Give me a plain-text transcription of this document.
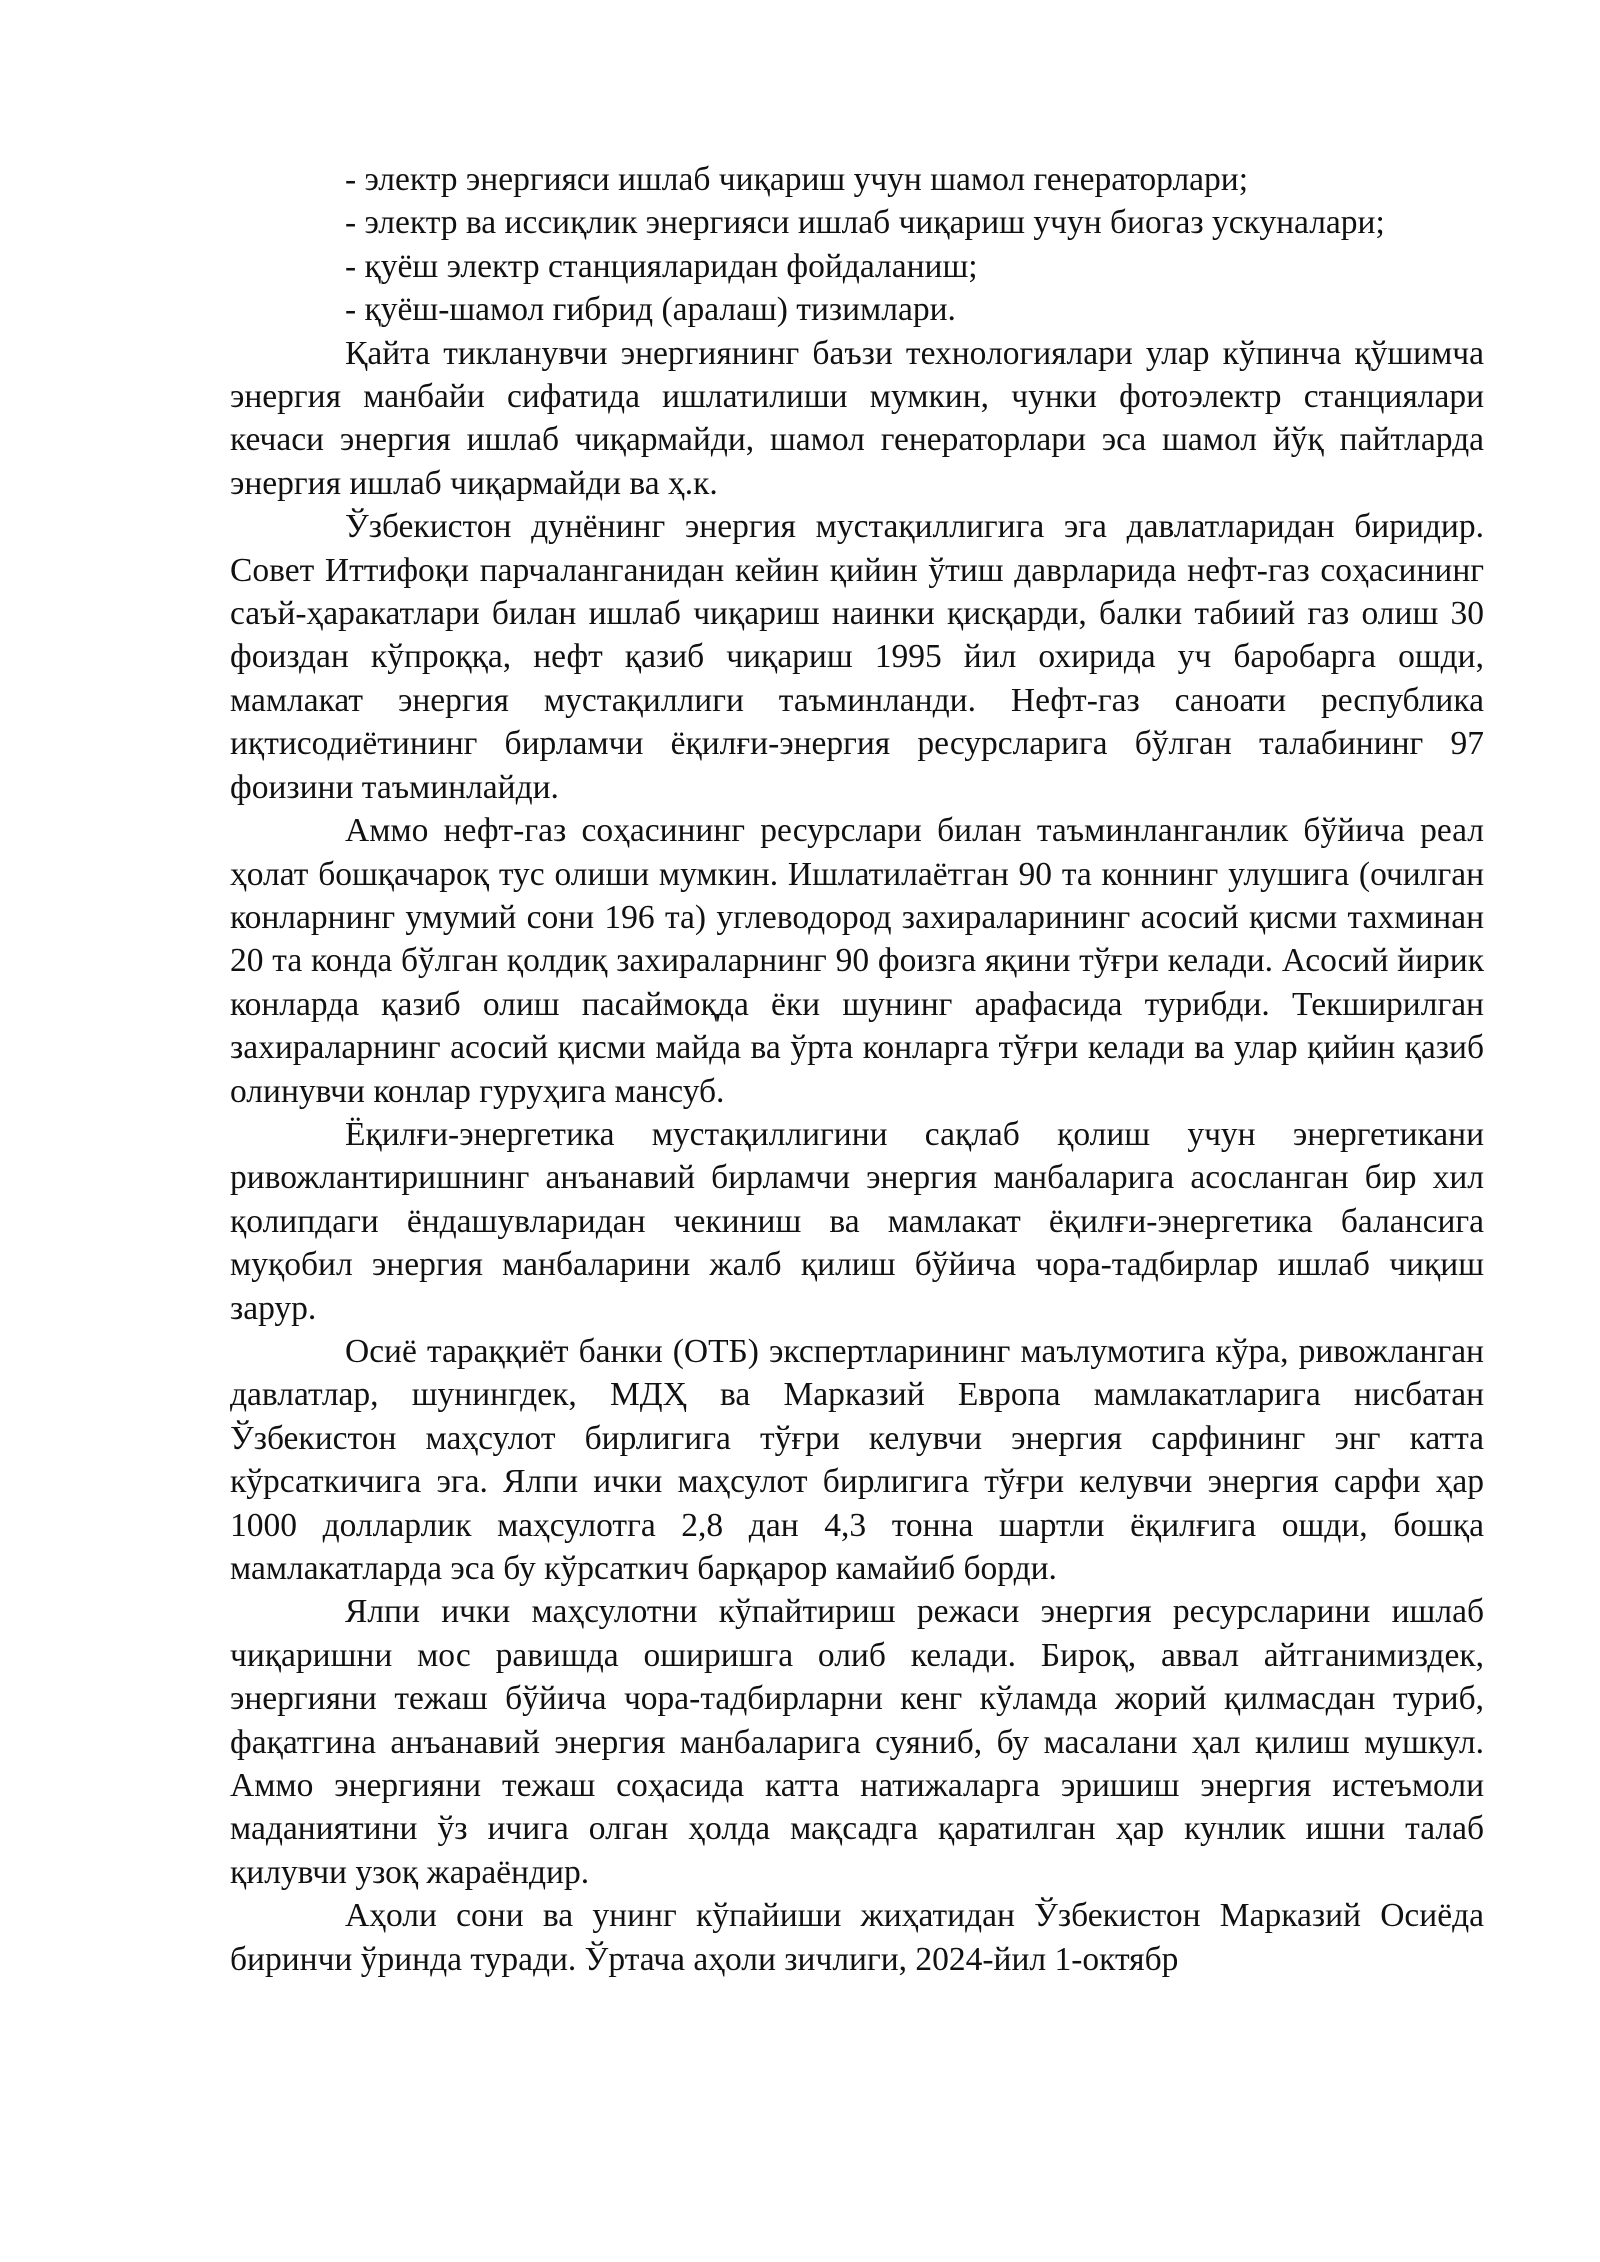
- электр энергияси ишлаб чиқариш учун шамол генераторлари;

- электр ва иссиқлик энергияси ишлаб чиқариш учун биогаз ускуналари;

- қуёш электр станцияларидан фойдаланиш;

- қуёш-шамол гибрид (аралаш) тизимлари.

Қайта тикланувчи энергиянинг баъзи технологиялари улар кўпинча қўшимча энергия манбайи сифатида ишлатилиши мумкин, чунки фотоэлектр станциялари кечаси энергия ишлаб чиқармайди, шамол генераторлари эса шамол йўқ пайтларда энергия ишлаб чиқармайди ва ҳ.к.

Ўзбекистон дунёнинг энергия мустақиллигига эга давлатларидан биридир. Совет Иттифоқи парчаланганидан кейин қийин ўтиш даврларида нефт-газ соҳасининг саъй-ҳаракатлари билан ишлаб чиқариш наинки қисқарди, балки табиий газ олиш 30 фоиздан кўпроққа, нефт қазиб чиқариш 1995 йил охирида уч баробарга ошди, мамлакат энергия мустақиллиги таъминланди. Нефт-газ саноати республика иқтисодиётининг бирламчи ёқилғи-энергия ресурсларига бўлган талабининг 97 фоизини таъминлайди.

Аммо нефт-газ соҳасининг ресурслари билан таъминланганлик бўйича реал ҳолат бошқачароқ тус олиши мумкин. Ишлатилаётган 90 та коннинг улушига (очилган конларнинг умумий сони 196 та) углеводород захираларининг асосий қисми тахминан 20 та конда бўлган қолдиқ захираларнинг 90 фоизга яқини тўғри келади. Асосий йирик конларда қазиб олиш пасаймоқда ёки шунинг арафасида турибди. Текширилган захираларнинг асосий қисми майда ва ўрта конларга тўғри келади ва улар қийин қазиб олинувчи конлар гуруҳига мансуб.

Ёқилғи-энергетика мустақиллигини сақлаб қолиш учун энергетикани ривожлантиришнинг анъанавий бирламчи энергия манбаларига асосланган бир хил қолипдаги ёндашувларидан чекиниш ва мамлакат ёқилғи-энергетика балансига муқобил энергия манбаларини жалб қилиш бўйича чора-тадбирлар ишлаб чиқиш зарур.

Осиё тараққиёт банки (ОТБ) экспертларининг маълумотига кўра, ривожланган давлатлар, шунингдек, МДҲ ва Марказий Европа мамлакатларига нисбатан Ўзбекистон маҳсулот бирлигига тўғри келувчи энергия сарфининг энг катта кўрсаткичига эга. Ялпи ички маҳсулот бирлигига тўғри келувчи энергия сарфи ҳар 1000 долларлик маҳсулотга 2,8 дан 4,3 тонна шартли ёқилғига ошди, бошқа мамлакатларда эса бу кўрсаткич барқарор камайиб борди.

Ялпи ички маҳсулотни кўпайтириш режаси энергия ресурсларини ишлаб чиқаришни мос равишда оширишга олиб келади. Бироқ, аввал айтганимиздек, энергияни тежаш бўйича чора-тадбирларни кенг кўламда жорий қилмасдан туриб, фақатгина анъанавий энергия манбаларига суяниб, бу масалани ҳал қилиш мушкул. Аммо энергияни тежаш соҳасида катта натижаларга эришиш энергия истеъмоли маданиятини ўз ичига олган ҳолда мақсадга қаратилган ҳар кунлик ишни талаб қилувчи узоқ жараёндир.

Аҳоли сони ва унинг кўпайиши жиҳатидан Ўзбекистон Марказий Осиёда биринчи ўринда туради. Ўртача аҳоли зичлиги, 2024-йил 1-октябр
